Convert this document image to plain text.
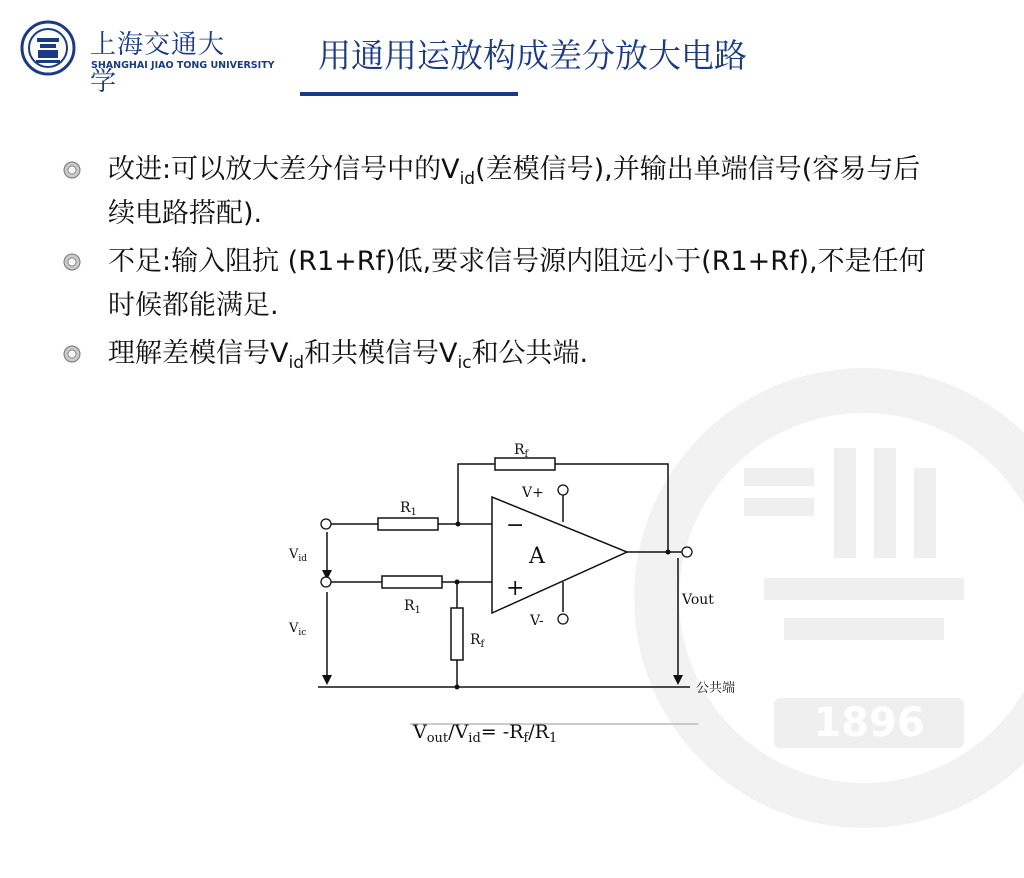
1896
上海交通大学
SHANGHAI JIAO TONG UNIVERSITY 用通用运放构成差分放大电路
改进:可以放大差分信号中的$V_{id}$(差模信号),并输出单端信号(容易与后续电路搭配).
不足:输入阻抗 (R1+Rf)低,要求信号源内阻远小于(R1+Rf),不是任何时候都能满足.
理解差模信号$V_{id}$和共模信号$V_{ic}$和公共端.
$R_f$
$R_1$
$R_1$
$R_f$
V+
V-
−
+
A
$V_{id}$
$V_{ic}$
Vout
公共端
$V_{out}/V_{id}= -R_f/R_1$
